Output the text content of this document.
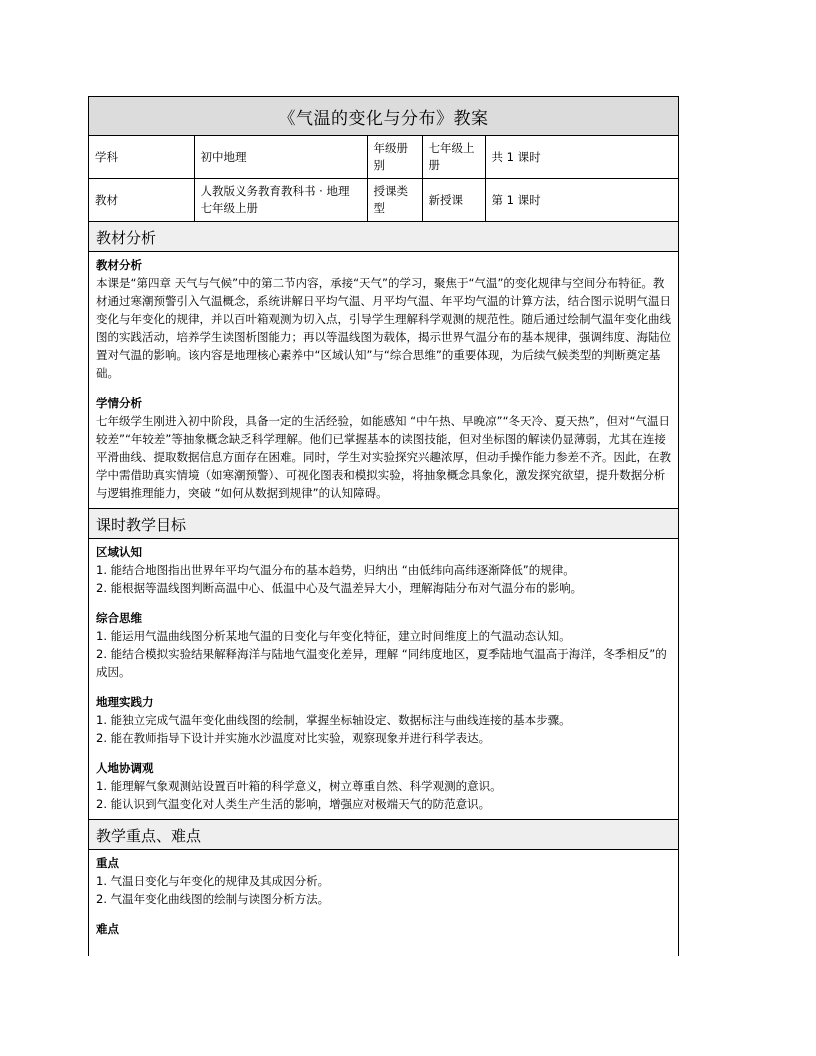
《气温的变化与分布》教案
学科	初中地理	年级册别	七年级上册	共 1 课时
教材	人教版义务教育教科书 · 地理七年级上册	授课类型	新授课	第 1 课时
教材分析

教材分析

本课是“第四章 天气与气候”中的第二节内容，承接“天气”的学习，聚焦于“气温”的变化规律与空间分布特征。教材通过寒潮预警引入气温概念，系统讲解日平均气温、月平均气温、年平均气温的计算方法，结合图示说明气温日变化与年变化的规律，并以百叶箱观测为切入点，引导学生理解科学观测的规范性。随后通过绘制气温年变化曲线图的实践活动，培养学生读图析图能力；再以等温线图为载体，揭示世界气温分布的基本规律，强调纬度、海陆位置对气温的影响。该内容是地理核心素养中“区域认知”与“综合思维”的重要体现，为后续气候类型的判断奠定基础。

学情分析

七年级学生刚进入初中阶段，具备一定的生活经验，如能感知 “中午热、早晚凉”“冬天冷、夏天热”，但对“气温日较差”“年较差”等抽象概念缺乏科学理解。他们已掌握基本的读图技能，但对坐标图的解读仍显薄弱，尤其在连接平滑曲线、提取数据信息方面存在困难。同时，学生对实验探究兴趣浓厚，但动手操作能力参差不齐。因此，在教学中需借助真实情境（如寒潮预警）、可视化图表和模拟实验，将抽象概念具象化，激发探究欲望，提升数据分析与逻辑推理能力，突破 “如何从数据到规律”的认知障碍。

课时教学目标

区域认知

1. 能结合地图指出世界年平均气温分布的基本趋势，归纳出 “由低纬向高纬逐渐降低”的规律。
2. 能根据等温线图判断高温中心、低温中心及气温差异大小，理解海陆分布对气温分布的影响。

综合思维

1. 能运用气温曲线图分析某地气温的日变化与年变化特征，建立时间维度上的气温动态认知。
2. 能结合模拟实验结果解释海洋与陆地气温变化差异，理解 “同纬度地区，夏季陆地气温高于海洋，冬季相反”的成因。

地理实践力

1. 能独立完成气温年变化曲线图的绘制，掌握坐标轴设定、数据标注与曲线连接的基本步骤。
2. 能在教师指导下设计并实施水沙温度对比实验，观察现象并进行科学表达。

人地协调观

1. 能理解气象观测站设置百叶箱的科学意义，树立尊重自然、科学观测的意识。
2. 能认识到气温变化对人类生产生活的影响，增强应对极端天气的防范意识。
教学重点、难点

重点

1. 气温日变化与年变化的规律及其成因分析。
2. 气温年变化曲线图的绘制与读图分析方法。

难点
